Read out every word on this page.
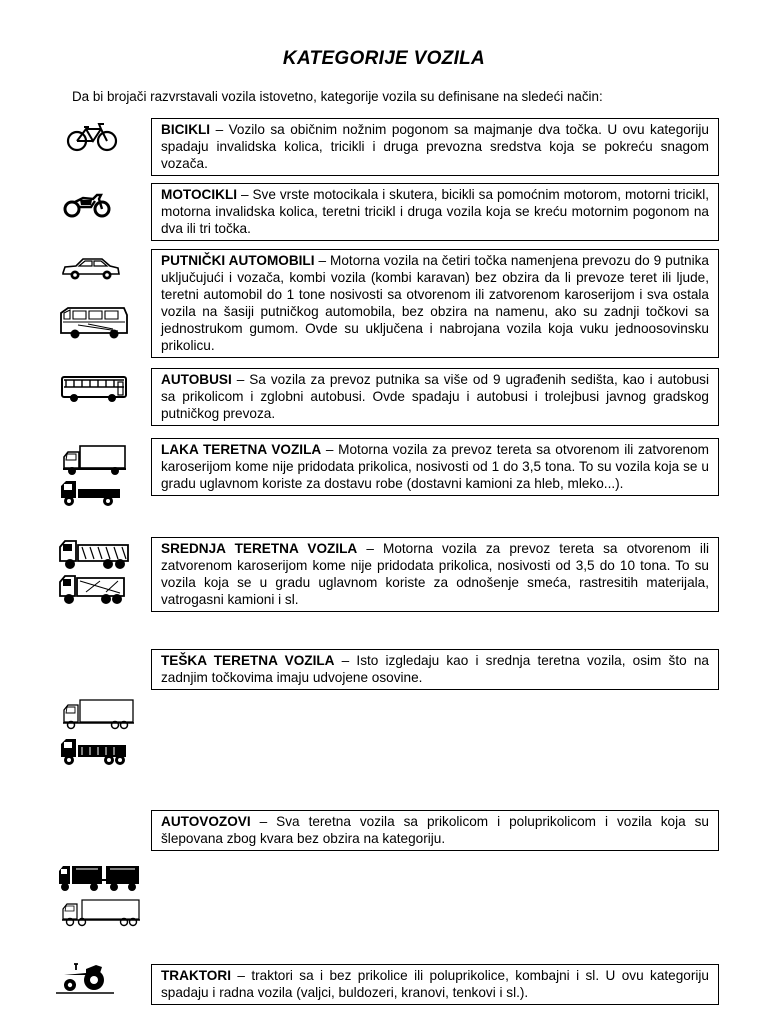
KATEGORIJE VOZILA
Da bi brojači razvrstavali vozila istovetno, kategorije vozila su definisane na sledeći način:
BICIKLI – Vozilo sa običnim nožnim pogonom sa majmanje dva točka. U ovu kategoriju spadaju invalidska kolica, tricikli i druga prevozna sredstva koja se pokreću snagom vozača.
MOTOCIKLI – Sve vrste motocikala i skutera, bicikli sa pomoćnim motorom, motorni tricikl, motorna invalidska kolica, teretni tricikl i druga vozila koja se kreću motornim pogonom na dva ili tri točka.
PUTNIČKI AUTOMOBILI – Motorna vozila na četiri točka namenjena prevozu do 9 putnika uključujući i vozača, kombi vozila (kombi karavan) bez obzira da li prevoze teret ili ljude, teretni automobil do 1 tone nosivosti sa otvorenom ili zatvorenom karoserijom i sva ostala vozila na šasiji putničkog automobila, bez obzira na namenu, ako su zadnji točkovi sa jednostrukom gumom. Ovde su uključena i nabrojana vozila koja vuku jednoosovinsku prikolicu.
AUTOBUSI – Sa vozila za prevoz putnika sa više od 9 ugrađenih sedišta, kao i autobusi sa prikolicom i zglobni autobusi. Ovde spadaju i autobusi i trolejbusi javnog gradskog putničkog prevoza.
LAKA TERETNA VOZILA – Motorna vozila za prevoz tereta sa otvorenom ili zatvorenom karoserijom kome nije pridodata prikolica, nosivosti od 1 do 3,5 tona. To su vozila koja se u gradu uglavnom koriste za dostavu robe (dostavni kamioni za hleb, mleko...).
SREDNJA TERETNA VOZILA – Motorna vozila za prevoz tereta sa otvorenom ili zatvorenom karoserijom kome nije pridodata prikolica, nosivosti od 3,5 do 10 tona. To su vozila koja se u gradu uglavnom koriste za odnošenje smeća, rastresitih materijala, vatrogasni kamioni i sl.
TEŠKA TERETNA VOZILA – Isto izgledaju kao i srednja teretna vozila, osim što na zadnjim točkovima imaju udvojene osovine.
AUTOVOZOVI – Sva teretna vozila sa prikolicom i poluprikolicom i vozila koja su šlepovana zbog kvara bez obzira na kategoriju.
TRAKTORI – traktori sa i bez prikolice ili poluprikolice, kombajni i sl. U ovu kategoriju spadaju i radna vozila (valjci, buldozeri, kranovi, tenkovi i sl.).
